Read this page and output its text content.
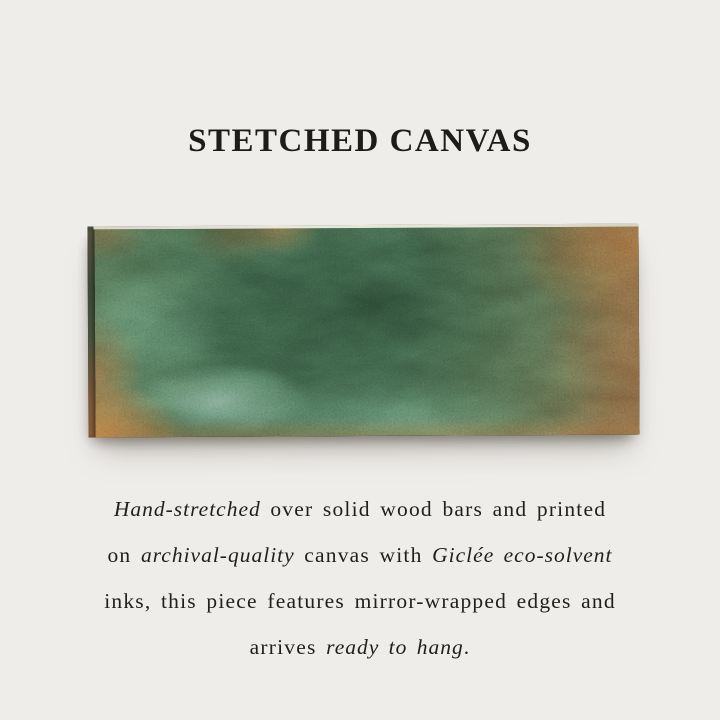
STETCHED CANVAS

Hand-stretched over solid wood bars and printed

on archival-quality canvas with Giclée eco-solvent

inks, this piece features mirror-wrapped edges and

arrives ready to hang.
